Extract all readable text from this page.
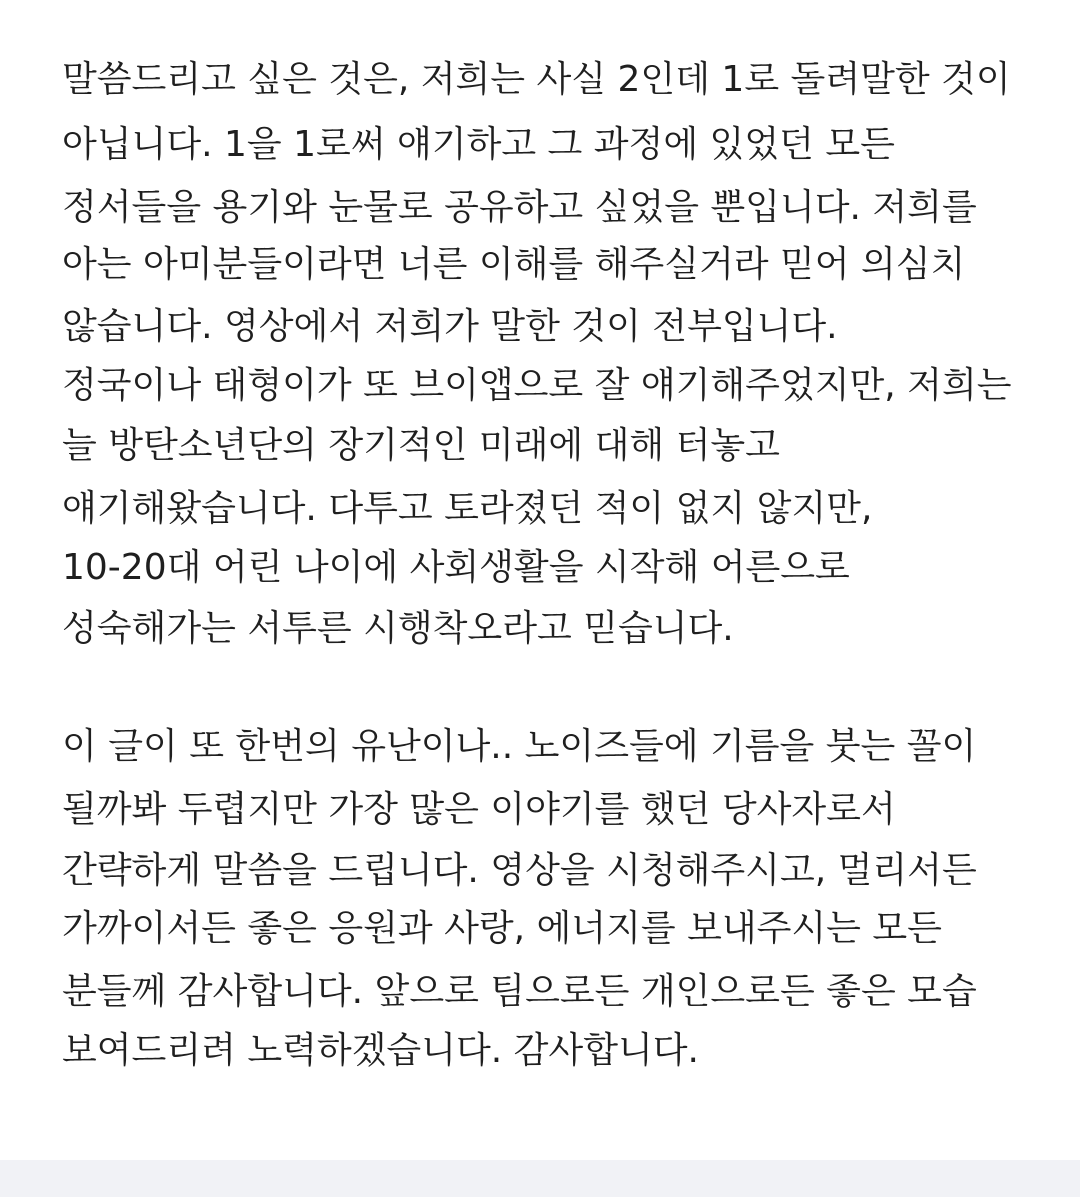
말씀드리고 싶은 것은, 저희는 사실 2인데 1로 돌려말한 것이

아닙니다. 1을 1로써 얘기하고 그 과정에 있었던 모든

정서들을 용기와 눈물로 공유하고 싶었을 뿐입니다. 저희를

아는 아미분들이라면 너른 이해를 해주실거라 믿어 의심치

않습니다. 영상에서 저희가 말한 것이 전부입니다.

정국이나 태형이가 또 브이앱으로 잘 얘기해주었지만, 저희는

늘 방탄소년단의 장기적인 미래에 대해 터놓고

얘기해왔습니다. 다투고 토라졌던 적이 없지 않지만,

10-20대 어린 나이에 사회생활을 시작해 어른으로

성숙해가는 서투른 시행착오라고 믿습니다.

이 글이 또 한번의 유난이나.. 노이즈들에 기름을 붓는 꼴이

될까봐 두렵지만 가장 많은 이야기를 했던 당사자로서

간략하게 말씀을 드립니다. 영상을 시청해주시고, 멀리서든

가까이서든 좋은 응원과 사랑, 에너지를 보내주시는 모든

분들께 감사합니다. 앞으로 팀으로든 개인으로든 좋은 모습

보여드리려 노력하겠습니다. 감사합니다.
